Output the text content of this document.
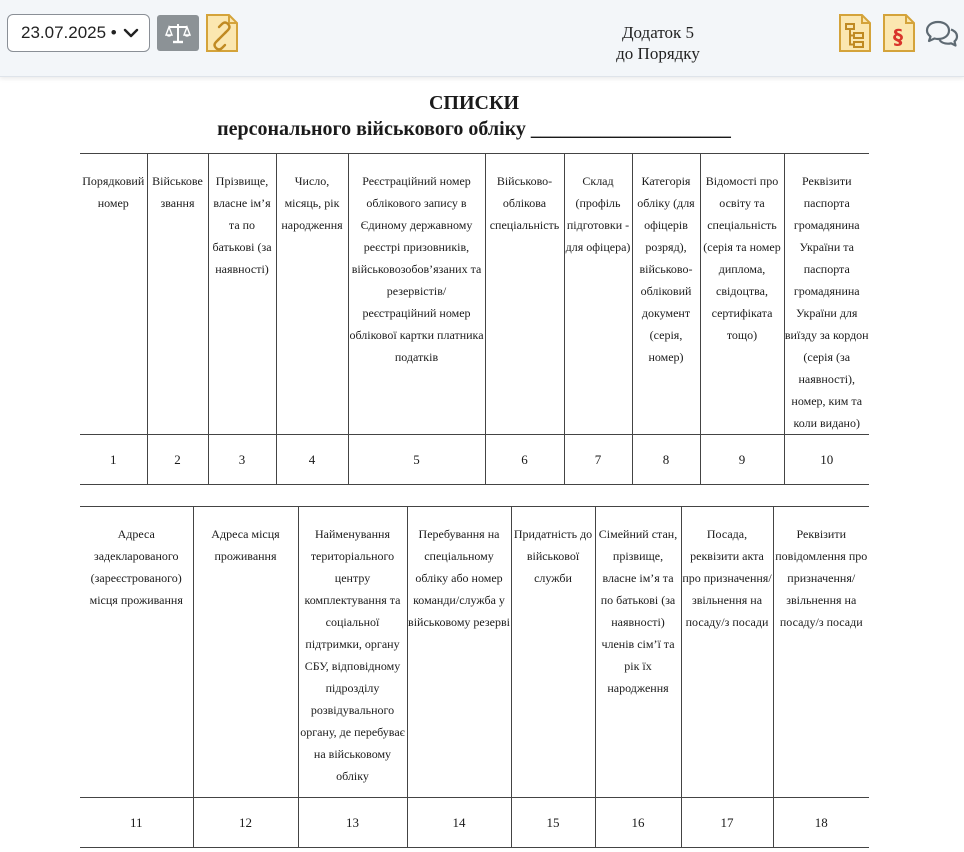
23.07.2025 •	Додаток 5
до Порядку
§
СПИСКИ
персонального військового обліку ____________________
Порядковий номер	Військове звання	Прізвище, власне ім’я та по батькові (за наявності)	Число, місяць, рік народження	Реєстраційний номер облікового запису в Єдиному державному реєстрі призовників, військовозобов’язаних та резервістів/ реєстраційний номер облікової картки платника податків	Військово-облікова спеціальність	Склад (профіль підготовки - для офіцера)	Категорія обліку (для офіцерів розряд), військово-обліковий документ (серія, номер)	Відомості про освіту та спеціальність (серія та номер диплома, свідоцтва, сертифіката тощо)	Реквізити паспорта громадянина України та паспорта громадянина України для виїзду за кордон (серія (за наявності), номер, ким та коли видано)
1	2	3	4	5	6	7	8	9	10
Адреса задекларованого (зареєстрованого) місця проживання	Адреса місця проживання	Найменування територіального центру комплектування та соціальної підтримки, органу СБУ, відповідному підрозділу розвідувального органу, де перебуває на військовому обліку	Перебування на спеціальному обліку або номер команди/служба у військовому резерві	Придатність до військової служби	Сімейний стан, прізвище, власне ім’я та по батькові (за наявності) членів сім’ї та рік їх народження	Посада, реквізити акта про призначення/ звільнення на посаду/з посади	Реквізити повідомлення про призначення/ звільнення на посаду/з посади
11	12	13	14	15	16	17	18
